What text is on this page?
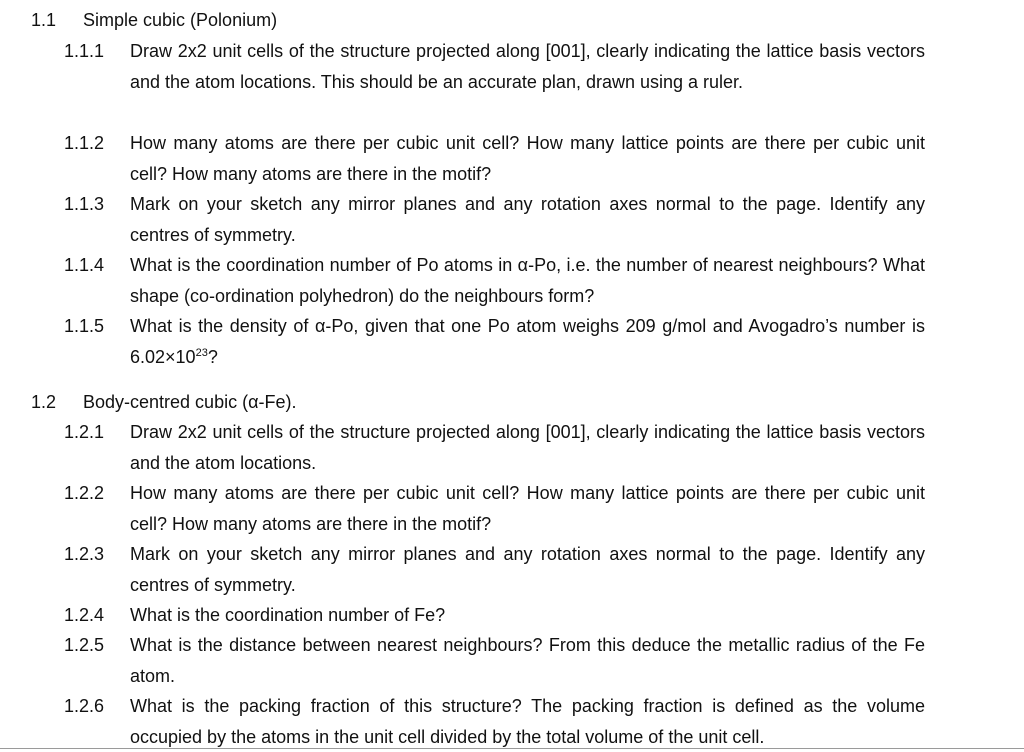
1.1 Simple cubic (Polonium)
1.1.1 Draw 2x2 unit cells of the structure projected along [001], clearly indicating the lattice basis vectors and the atom locations. This should be an accurate plan, drawn using a ruler.
1.1.2 How many atoms are there per cubic unit cell? How many lattice points are there per cubic unit cell? How many atoms are there in the motif?
1.1.3 Mark on your sketch any mirror planes and any rotation axes normal to the page. Identify any centres of symmetry.
1.1.4 What is the coordination number of Po atoms in α-Po, i.e. the number of nearest neighbours? What shape (co-ordination polyhedron) do the neighbours form?
1.1.5 What is the density of α-Po, given that one Po atom weighs 209 g/mol and Avogadro’s number is $6.02\times 10^{23}$?
1.2 Body-centred cubic (α-Fe).
1.2.1 Draw 2x2 unit cells of the structure projected along [001], clearly indicating the lattice basis vectors and the atom locations.
1.2.2 How many atoms are there per cubic unit cell? How many lattice points are there per cubic unit cell? How many atoms are there in the motif?
1.2.3 Mark on your sketch any mirror planes and any rotation axes normal to the page. Identify any centres of symmetry.
1.2.4 What is the coordination number of Fe?
1.2.5 What is the distance between nearest neighbours? From this deduce the metallic radius of the Fe atom.
1.2.6 What is the packing fraction of this structure? The packing fraction is defined as the volume occupied by the atoms in the unit cell divided by the total volume of the unit cell.
